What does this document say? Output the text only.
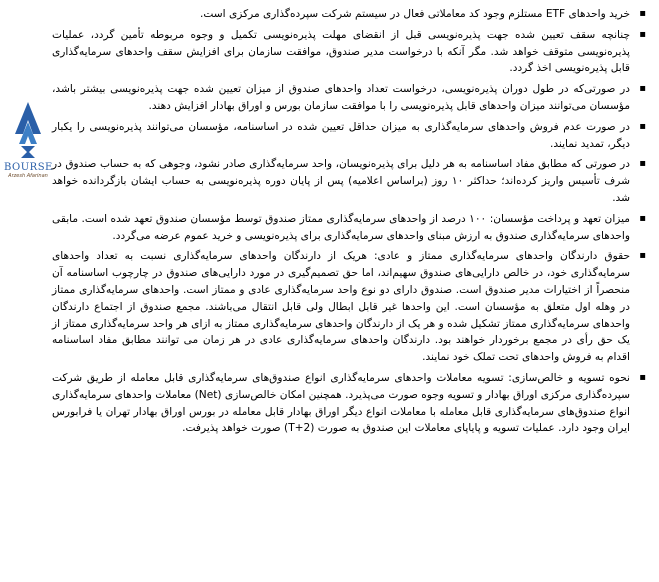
BOURSE
Arzesh Afarinan
▪ خرید واحدهای ETF مستلزم وجود کد معاملاتی فعال در سیستم شرکت سپرده‌گذاری مرکزی است.
▪ چنانچه سقف تعیین شده جهت پذیره‌نویسی قبل از انقضای مهلت پذیره‌نویسی تکمیل و وجوه مربوطه تأمین گردد، عملیات پذیره‌نویسی متوقف خواهد شد. مگر آنکه با درخواست مدیر صندوق، موافقت سازمان برای افزایش سقف واحدهای سرمایه‌گذاری قابل پذیره‌نویسی اخذ گردد.
▪ در صورتی‌که در طول دوران پذیره‌نویسی، درخواست تعداد واحدهای صندوق از میزان تعیین شده جهت پذیره‌نویسی بیشتر باشد، مؤسسان می‌توانند میزان واحدهای قابل پذیره‌نویسی را با موافقت سازمان بورس و اوراق بهادار افزایش دهند.
▪ در صورت عدم فروش واحدهای سرمایه‌گذاری به میزان حداقل تعیین شده در اساسنامه، مؤسسان می‌توانند پذیره‌نویسی را یکبار دیگر، تمدید نمایند.
▪ در صورتی که مطابق مفاد اساسنامه به هر دلیل برای پذیره‌نویسان، واحد سرمایه‌گذاری صادر نشود، وجوهی که به حساب صندوق در شرف تأسیس واریز کرده‌اند؛ حداکثر ۱۰ روز (براساس اعلامیه) پس از پایان دوره پذیره‌نویسی به حساب ایشان بازگردانده خواهد شد.
▪ میزان تعهد و پرداخت مؤسسان: ۱۰۰ درصد از واحدهای سرمایه‌گذاری ممتاز صندوق توسط مؤسسان صندوق تعهد شده است. مابقی واحدهای سرمایه‌گذاری صندوق به ارزش مبنای واحدهای سرمایه‌گذاری برای پذیره‌نویسی و خرید عموم عرضه می‌گردد.
▪ حقوق دارندگان واحدهای سرمایه‌گذاری ممتاز و عادی: هریک از دارندگان واحدهای سرمایه‌گذاری نسبت به تعداد واحدهای سرمایه‌گذاری خود، در خالص دارایی‌های صندوق سهیم‌اند، اما حق تصمیم‌گیری در مورد دارایی‌های صندوق در چارچوب اساسنامه آن منحصراً از اختیارات مدیر صندوق است. صندوق دارای دو نوع واحد سرمایه‌گذاری عادی و ممتاز است. واحدهای سرمایه‌گذاری ممتاز در وهله اول متعلق به مؤسسان است. این واحدها غیر قابل ابطال ولی قابل انتقال می‌باشند. مجمع صندوق از اجتماع دارندگان واحدهای سرمایه‌گذاری ممتاز تشکیل شده و هر یک از دارندگان واحدهای سرمایه‌گذاری ممتاز به ازای هر واحد سرمایه‌گذاری ممتاز از یک حق رأی در مجمع برخوردار خواهند بود. دارندگان واحدهای سرمایه‌گذاری عادی در هر زمان می توانند مطابق مفاد اساسنامه اقدام به فروش واحدهای تحت تملک خود نمایند.
▪ نحوه تسویه و خالص‌سازی: تسویه معاملات واحدهای سرمایه‌گذاری انواع صندوق‌های سرمایه‌گذاری قابل معامله از طریق شرکت سپرده‌گذاری مرکزی اوراق بهادار و تسویه وجوه صورت می‌پذیرد. همچنین امکان خالص‌سازی (Net) معاملات واحدهای سرمایه‌گذاری انواع صندوق‌های سرمایه‌گذاری قابل معامله با معاملات انواع دیگر اوراق بهادار قابل معامله در بورس اوراق بهادار تهران یا فرابورس ایران وجود دارد. عملیات تسویه و پایاپای معاملات این صندوق به صورت (T+2) صورت خواهد پذیرفت.
